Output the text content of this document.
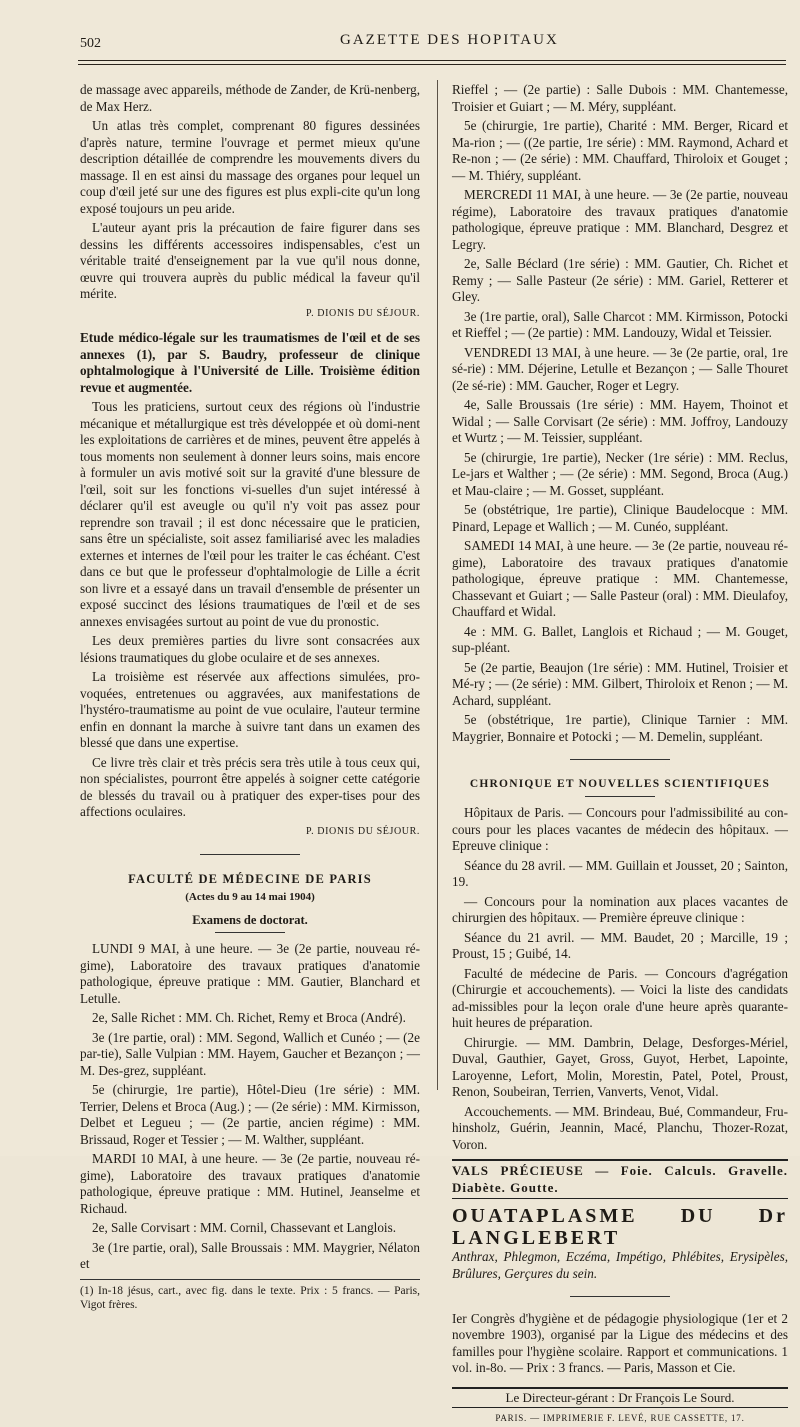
502	GAZETTE DES HOPITAUX

de massage avec appareils, méthode de Zander, de Krü-nenberg, de Max Herz.

Un atlas très complet, comprenant 80 figures dessinées d'après nature, termine l'ouvrage et permet mieux qu'une description détaillée de comprendre les mouvements divers du massage. Il en est ainsi du massage des organes pour lequel un coup d'œil jeté sur une des figures est plus expli-cite qu'un long exposé toujours un peu aride.

L'auteur ayant pris la précaution de faire figurer dans ses dessins les différents accessoires indispensables, c'est un véritable traité d'enseignement par la vue qu'il nous donne, œuvre qui trouvera auprès du public médical la faveur qu'il mérite.

P. DIONIS DU SÉJOUR.

Etude médico-légale sur les traumatismes de l'œil et de ses annexes (1), par S. Baudry, professeur de clinique ophtalmologique à l'Université de Lille. Troisième édition revue et augmentée.

Tous les praticiens, surtout ceux des régions où l'industrie mécanique et métallurgique est très développée et où domi-nent les exploitations de carrières et de mines, peuvent être appelés à tous moments non seulement à donner leurs soins, mais encore à formuler un avis motivé soit sur la gravité d'une blessure de l'œil, soit sur les fonctions vi-suelles d'un sujet intéressé à déclarer qu'il est aveugle ou qu'il n'y voit pas assez pour reprendre son travail ; il est donc nécessaire que le praticien, sans être un spécialiste, soit assez familiarisé avec les maladies externes et internes de l'œil pour les traiter le cas échéant. C'est dans ce but que le professeur d'ophtalmologie de Lille a écrit son livre et a essayé dans un travail d'ensemble de présenter un exposé succinct des lésions traumatiques de l'œil et de ses annexes envisagées surtout au point de vue du pronostic.

Les deux premières parties du livre sont consacrées aux lésions traumatiques du globe oculaire et de ses annexes.

La troisième est réservée aux affections simulées, pro-voquées, entretenues ou aggravées, aux manifestations de l'hystéro-traumatisme au point de vue oculaire, l'auteur termine enfin en donnant la marche à suivre tant dans un examen des blessé que dans une expertise.

Ce livre très clair et très précis sera très utile à tous ceux qui, non spécialistes, pourront être appelés à soigner cette catégorie de blessés du travail ou à pratiquer des exper-tises pour des affections oculaires.

P. DIONIS DU SÉJOUR.

FACULTÉ DE MÉDECINE DE PARIS
(Actes du 9 au 14 mai 1904)
Examens de doctorat.

LUNDI 9 MAI, à une heure. — 3e (2e partie, nouveau ré-gime), Laboratoire des travaux pratiques d'anatomie pathologique, épreuve pratique : MM. Gautier, Blanchard et Letulle.

2e, Salle Richet : MM. Ch. Richet, Remy et Broca (André).

3e (1re partie, oral) : MM. Segond, Wallich et Cunéo ; — (2e par-tie), Salle Vulpian : MM. Hayem, Gaucher et Bezançon ; — M. Des-grez, suppléant.

5e (chirurgie, 1re partie), Hôtel-Dieu (1re série) : MM. Terrier, Delens et Broca (Aug.) ; — (2e série) : MM. Kirmisson, Delbet et Legueu ; — (2e partie, ancien régime) : MM. Brissaud, Roger et Tessier ; — M. Walther, suppléant.

MARDI 10 MAI, à une heure. — 3e (2e partie, nouveau ré-gime), Laboratoire des travaux pratiques d'anatomie pathologique, épreuve pratique : MM. Hutinel, Jeanselme et Richaud.

2e, Salle Corvisart : MM. Cornil, Chassevant et Langlois.

3e (1re partie, oral), Salle Broussais : MM. Maygrier, Nélaton et

(1) In-18 jésus, cart., avec fig. dans le texte. Prix : 5 francs. — Paris, Vigot frères.

Rieffel ; — (2e partie) : Salle Dubois : MM. Chantemesse, Troisier et Guiart ; — M. Méry, suppléant.

5e (chirurgie, 1re partie), Charité : MM. Berger, Ricard et Ma-rion ; — ((2e partie, 1re série) : MM. Raymond, Achard et Re-non ; — (2e série) : MM. Chauffard, Thiroloix et Gouget ; — M. Thiéry, suppléant.

MERCREDI 11 MAI, à une heure. — 3e (2e partie, nouveau régime), Laboratoire des travaux pratiques d'anatomie pathologique, épreuve pratique : MM. Blanchard, Desgrez et Legry.

2e, Salle Béclard (1re série) : MM. Gautier, Ch. Richet et Remy ; — Salle Pasteur (2e série) : MM. Gariel, Retterer et Gley.

3e (1re partie, oral), Salle Charcot : MM. Kirmisson, Potocki et Rieffel ; — (2e partie) : MM. Landouzy, Widal et Teissier.

VENDREDI 13 MAI, à une heure. — 3e (2e partie, oral, 1re sé-rie) : MM. Déjerine, Letulle et Bezançon ; — Salle Thouret (2e sé-rie) : MM. Gaucher, Roger et Legry.

4e, Salle Broussais (1re série) : MM. Hayem, Thoinot et Widal ; — Salle Corvisart (2e série) : MM. Joffroy, Landouzy et Wurtz ; — M. Teissier, suppléant.

5e (chirurgie, 1re partie), Necker (1re série) : MM. Reclus, Le-jars et Walther ; — (2e série) : MM. Segond, Broca (Aug.) et Mau-claire ; — M. Gosset, suppléant.

5e (obstétrique, 1re partie), Clinique Baudelocque : MM. Pinard, Lepage et Wallich ; — M. Cunéo, suppléant.

SAMEDI 14 MAI, à une heure. — 3e (2e partie, nouveau ré-gime), Laboratoire des travaux pratiques d'anatomie pathologique, épreuve pratique : MM. Chantemesse, Chassevant et Guiart ; — Salle Pasteur (oral) : MM. Dieulafoy, Chauffard et Widal.

4e : MM. G. Ballet, Langlois et Richaud ; — M. Gouget, sup-pléant.

5e (2e partie, Beaujon (1re série) : MM. Hutinel, Troisier et Mé-ry ; — (2e série) : MM. Gilbert, Thiroloix et Renon ; — M. Achard, suppléant.

5e (obstétrique, 1re partie), Clinique Tarnier : MM. Maygrier, Bonnaire et Potocki ; — M. Demelin, suppléant.

CHRONIQUE ET NOUVELLES SCIENTIFIQUES

Hôpitaux de Paris. — Concours pour l'admissibilité au con-cours pour les places vacantes de médecin des hôpitaux. — Epreuve clinique :

Séance du 28 avril. — MM. Guillain et Jousset, 20 ; Sainton, 19.

— Concours pour la nomination aux places vacantes de chirurgien des hôpitaux. — Première épreuve clinique :

Séance du 21 avril. — MM. Baudet, 20 ; Marcille, 19 ; Proust, 15 ; Guibé, 14.

Faculté de médecine de Paris. — Concours d'agrégation (Chirurgie et accouchements). — Voici la liste des candidats ad-missibles pour la leçon orale d'une heure après quarante-huit heures de préparation.

Chirurgie. — MM. Dambrin, Delage, Desforges-Mériel, Duval, Gauthier, Gayet, Gross, Guyot, Herbet, Lapointe, Laroyenne, Lefort, Molin, Morestin, Patel, Potel, Proust, Renon, Soubeiran, Terrien, Vanverts, Venot, Vidal.

Accouchements. — MM. Brindeau, Bué, Commandeur, Fru-hinsholz, Guérin, Jeannin, Macé, Planchu, Thozer-Rozat, Voron.

VALS PRÉCIEUSE — Foie. Calculs. Gravelle. Diabète. Goutte.
OUATAPLASME DU Dr LANGLEBERT

Anthrax, Phlegmon, Eczéma, Impétigo, Phlébites, Erysipèles, Brûlures, Gerçures du sein.

Ier Congrès d'hygiène et de pédagogie physiologique (1er et 2 novembre 1903), organisé par la Ligue des médecins et des familles pour l'hygiène scolaire. Rapport et communications. 1 vol. in-8o. — Prix : 3 francs. — Paris, Masson et Cie.

Le Directeur-gérant : Dr François Le Sourd.
PARIS. — IMPRIMERIE F. LEVÉ, RUE CASSETTE, 17.
